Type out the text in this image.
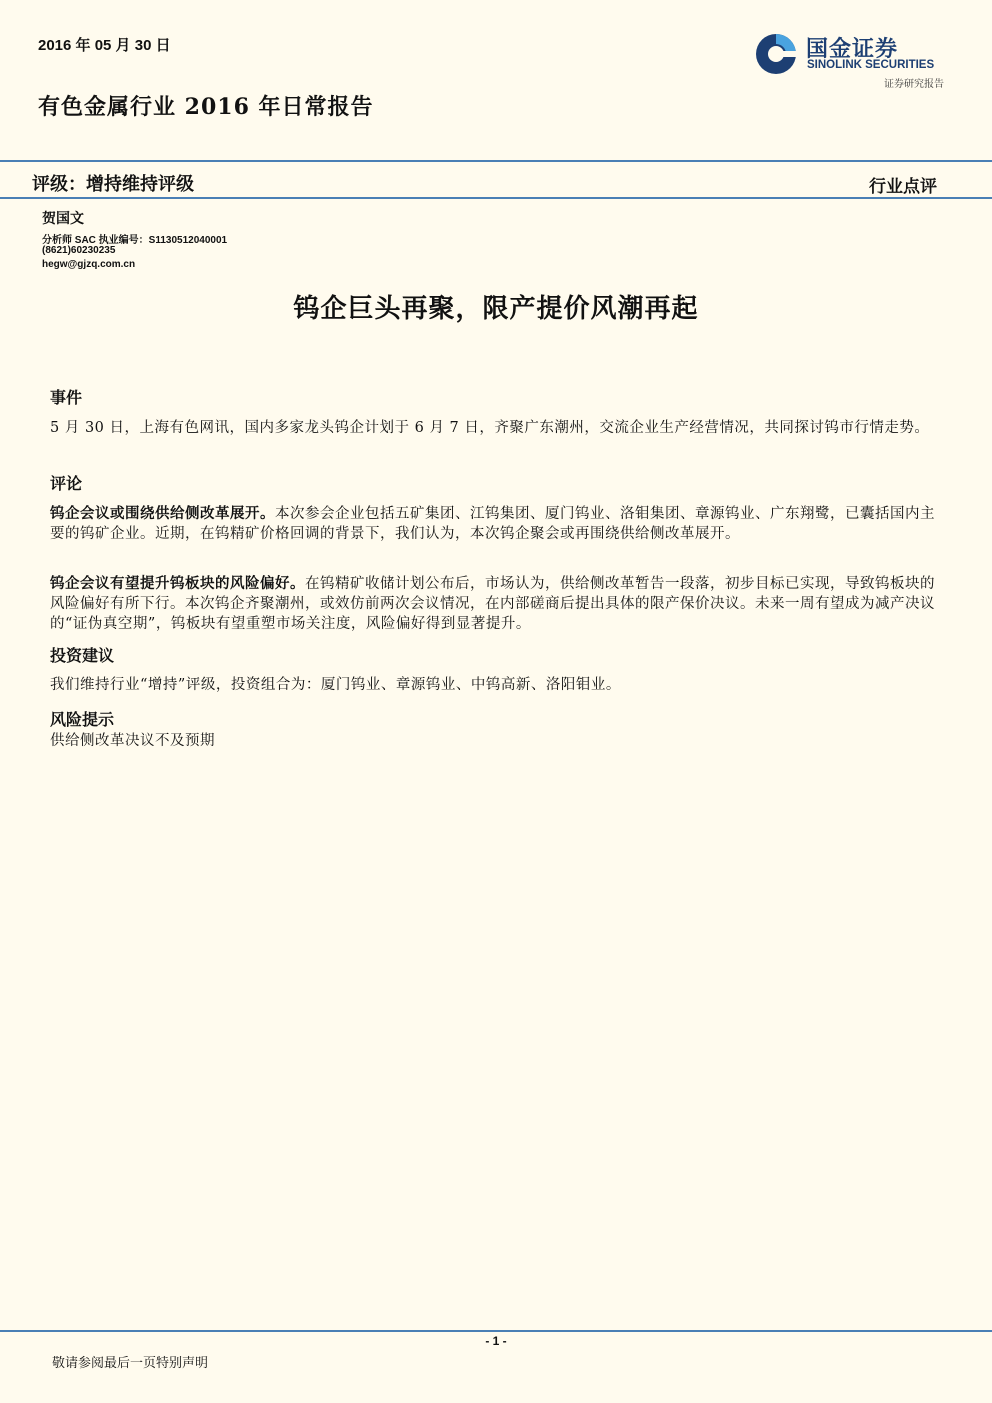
2016 年 05 月 30 日	国金证券
SINOLINK SECURITIES
证券研究报告
有色金属行业 2016 年日常报告
评级：增持维持评级	行业点评
贺国文
分析师 SAC 执业编号：S1130512040001
(8621)60230235
hegw@gjzq.com.cn
钨企巨头再聚，限产提价风潮再起
事件
5 月 30 日，上海有色网讯，国内多家龙头钨企计划于 6 月 7 日，齐聚广东潮州，交流企业生产经营情况，共同探讨钨市行情走势。
评论
钨企会议或围绕供给侧改革展开。本次参会企业包括五矿集团、江钨集团、厦门钨业、洛钼集团、章源钨业、广东翔鹭，已囊括国内主要的钨矿企业。近期，在钨精矿价格回调的背景下，我们认为，本次钨企聚会或再围绕供给侧改革展开。
钨企会议有望提升钨板块的风险偏好。在钨精矿收储计划公布后，市场认为，供给侧改革暂告一段落，初步目标已实现，导致钨板块的风险偏好有所下行。本次钨企齐聚潮州，或效仿前两次会议情况，在内部磋商后提出具体的限产保价决议。未来一周有望成为减产决议的“证伪真空期”，钨板块有望重塑市场关注度，风险偏好得到显著提升。
投资建议
我们维持行业“增持”评级，投资组合为：厦门钨业、章源钨业、中钨高新、洛阳钼业。
风险提示
供给侧改革决议不及预期
- 1 -
敬请参阅最后一页特别声明
